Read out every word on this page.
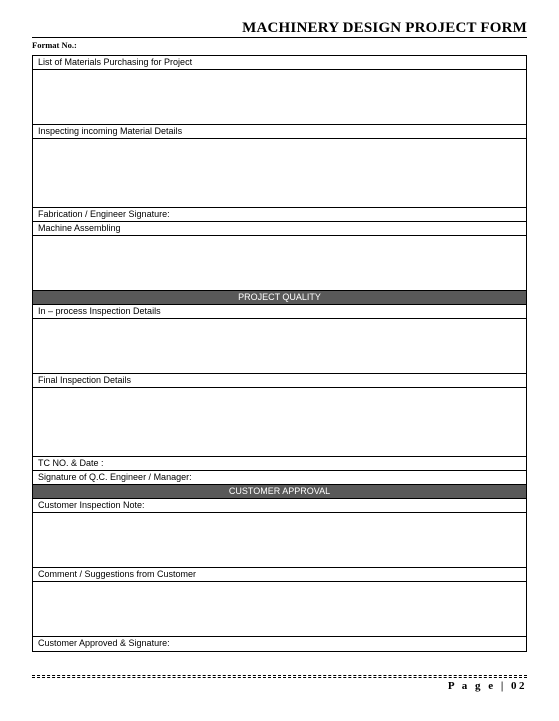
MACHINERY DESIGN PROJECT FORM
Format No.:
List of Materials Purchasing for Project
Inspecting incoming Material Details
Fabrication / Engineer Signature:
Machine Assembling
PROJECT QUALITY
In – process Inspection Details
Final Inspection Details
TC NO. & Date :
Signature of Q.C. Engineer / Manager:
CUSTOMER APPROVAL
Customer Inspection Note:
Comment / Suggestions from Customer
Customer Approved & Signature:
P a g e | 02
